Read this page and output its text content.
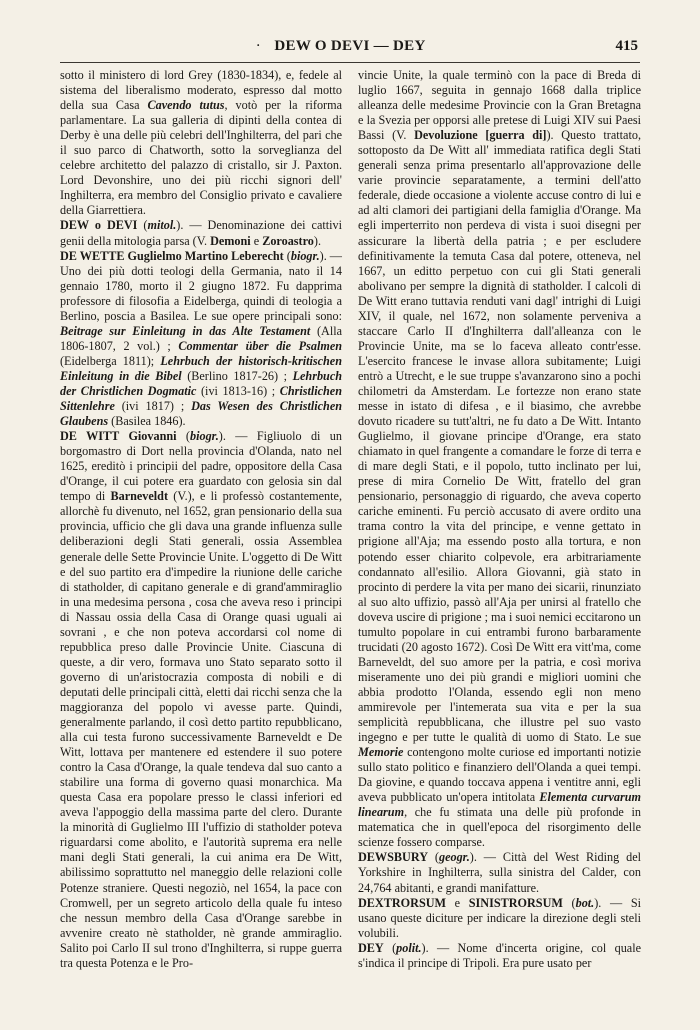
· DEW O DEVI — DEY	415

sotto il ministero di lord Grey (1830-1834), e, fedele al sistema del liberalismo moderato, espresso dal motto della sua Casa Cavendo tutus, votò per la riforma parlamentare. La sua galleria di dipinti della contea di Derby è una delle più celebri dell'Inghilterra, del pari che il suo parco di Chatworth, sotto la sorveglianza del celebre architetto del palazzo di cristallo, sir J. Paxton. Lord Devonshire, uno dei più ricchi signori dell' Inghilterra, era membro del Consiglio privato e cavaliere della Giarrettiera.

DEW o DEVI (mitol.). — Denominazione dei cattivi genii della mitologia parsa (V. Demoni e Zoroastro).

DE WETTE Guglielmo Martino Leberecht (biogr.). — Uno dei più dotti teologi della Germania, nato il 14 gennaio 1780, morto il 2 giugno 1872. Fu dapprima professore di filosofia a Eidelberga, quindi di teologia a Berlino, poscia a Basilea. Le sue opere principali sono: Beitrage sur Einleitung in das Alte Testament (Alla 1806-1807, 2 vol.) ; Commentar über die Psalmen (Eidelberga 1811); Lehrbuch der historisch-kritischen Einleitung in die Bibel (Berlino 1817-26) ; Lehrbuch der Christlichen Dogmatic (ivi 1813-16) ; Christlichen Sittenlehre (ivi 1817) ; Das Wesen des Christlichen Glaubens (Basilea 1846).

DE WITT Giovanni (biogr.). — Figliuolo di un borgomastro di Dort nella provincia d'Olanda, nato nel 1625, ereditò i principii del padre, oppositore della Casa d'Orange, il cui potere era guardato con gelosia sin dal tempo di Barneveldt (V.), e li professò costantemente, allorchè fu divenuto, nel 1652, gran pensionario della sua provincia, ufficio che gli dava una grande influenza sulle deliberazioni degli Stati generali, ossia Assemblea generale delle Sette Provincie Unite. L'oggetto di De Witt e del suo partito era d'impedire la riunione delle cariche di statholder, di capitano generale e di grand'ammiraglio in una medesima persona , cosa che aveva reso i principi di Nassau ossia della Casa di Orange quasi uguali ai sovrani , e che non poteva accordarsi col nome di repubblica preso dalle Provincie Unite. Ciascuna di queste, a dir vero, formava uno Stato separato sotto il governo di un'aristocrazia composta di nobili e di deputati delle principali città, eletti dai ricchi senza che la maggioranza del popolo vi avesse parte. Quindi, generalmente parlando, il così detto partito repubblicano, alla cui testa furono successivamente Barneveldt e De Witt, lottava per mantenere ed estendere il suo potere contro la Casa d'Orange, la quale tendeva dal suo canto a stabilire una forma di governo quasi monarchica. Ma questa Casa era popolare presso le classi inferiori ed aveva l'appoggio della massima parte del clero. Durante la minorità di Guglielmo III l'uffizio di statholder poteva riguardarsi come abolito, e l'autorità suprema era nelle mani degli Stati generali, la cui anima era De Witt, abilissimo soprattutto nel maneggio delle relazioni colle Potenze straniere. Questi negoziò, nel 1654, la pace con Cromwell, per un segreto articolo della quale fu inteso che nessun membro della Casa d'Orange sarebbe in avvenire creato nè statholder, nè grande ammiraglio. Salito poi Carlo II sul trono d'Inghilterra, si ruppe guerra tra questa Potenza e le Pro-

vincie Unite, la quale terminò con la pace di Breda di luglio 1667, seguita in gennajo 1668 dalla triplice alleanza delle medesime Provincie con la Gran Bretagna e la Svezia per opporsi alle pretese di Luigi XIV sui Paesi Bassi (V. Devoluzione [guerra di]). Questo trattato, sottoposto da De Witt all' immediata ratifica degli Stati generali senza prima presentarlo all'approvazione delle varie provincie separatamente, a termini dell'atto federale, diede occasione a violente accuse contro di lui e ad alti clamori dei partigiani della famiglia d'Orange. Ma egli imperterrito non perdeva di vista i suoi disegni per assicurare la libertà della patria ; e per escludere definitivamente la temuta Casa dal potere, otteneva, nel 1667, un editto perpetuo con cui gli Stati generali abolivano per sempre la dignità di statholder. I calcoli di De Witt erano tuttavia renduti vani dagl' intrighi di Luigi XIV, il quale, nel 1672, non solamente perveniva a staccare Carlo II d'Inghilterra dall'alleanza con le Provincie Unite, ma se lo faceva alleato contr'esse. L'esercito francese le invase allora subitamente; Luigi entrò a Utrecht, e le sue truppe s'avanzarono sino a pochi chilometri da Amsterdam. Le fortezze non erano state messe in istato di difesa , e il biasimo, che avrebbe dovuto ricadere su tutt'altri, ne fu dato a De Witt. Intanto Guglielmo, il giovane principe d'Orange, era stato chiamato in quel frangente a comandare le forze di terra e di mare degli Stati, e il popolo, tutto inclinato per lui, prese di mira Cornelio De Witt, fratello del gran pensionario, personaggio di riguardo, che aveva coperto cariche eminenti. Fu perciò accusato di avere ordito una trama contro la vita del principe, e venne gettato in prigione all'Aja; ma essendo posto alla tortura, e non potendo esser chiarito colpevole, era arbitrariamente condannato all'esilio. Allora Giovanni, già stato in procinto di perdere la vita per mano dei sicarii, rinunziato al suo alto uffizio, passò all'Aja per unirsi al fratello che doveva uscire di prigione ; ma i suoi nemici eccitarono un tumulto popolare in cui entrambi furono barbaramente trucidati (20 agosto 1672). Così De Witt era vitt'ma, come Barneveldt, del suo amore per la patria, e così moriva miseramente uno dei più grandi e migliori uomini che abbia prodotto l'Olanda, essendo egli non meno ammirevole per l'intemerata sua vita e per la sua semplicità repubblicana, che illustre pel suo vasto ingegno e per tutte le qualità di uomo di Stato. Le sue Memorie contengono molte curiose ed importanti notizie sullo stato politico e finanziero dell'Olanda a quei tempi. Da giovine, e quando toccava appena i ventitre anni, egli aveva pubblicato un'opera intitolata Elementa curvarum linearum, che fu stimata una delle più profonde in matematica che in quell'epoca del risorgimento delle scienze fossero comparse.

DEWSBURY (geogr.). — Città del West Riding del Yorkshire in Inghilterra, sulla sinistra del Calder, con 24,764 abitanti, e grandi manifatture.

DEXTRORSUM e SINISTRORSUM (bot.). — Si usano queste diciture per indicare la direzione degli steli volubili.

DEY (polit.). — Nome d'incerta origine, col quale s'indica il principe di Tripoli. Era pure usato per
